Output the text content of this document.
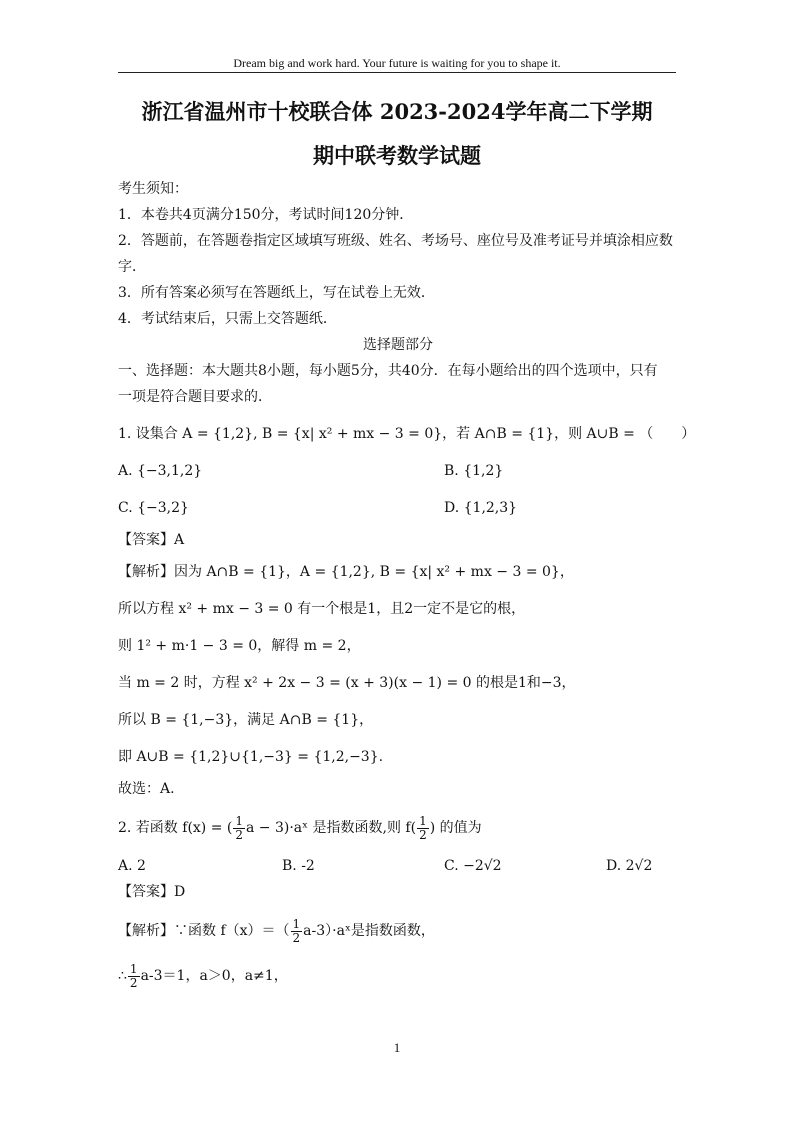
Dream big and work hard. Your future is waiting for you to shape it.
浙江省温州市十校联合体 2023-2024学年高二下学期
期中联考数学试题
考生须知：
1．本卷共4页满分150分，考试时间120分钟．
2．答题前，在答题卷指定区域填写班级、姓名、考场号、座位号及准考证号并填涂相应数
字．
3．所有答案必须写在答题纸上，写在试卷上无效．
4．考试结束后，只需上交答题纸．
选择题部分
一、选择题：本大题共8小题，每小题5分，共40分．在每小题给出的四个选项中，只有
一项是符合题目要求的．
1. 设集合 A = {1,2}, B = {x| x² + mx − 3 = 0}，若 A∩B = {1}，则 A∪B = （　　）
A. {−3,1,2}	B. {1,2}
C. {−3,2}	D. {1,2,3}
【答案】A
【解析】因为 A∩B = {1}，A = {1,2}, B = {x| x² + mx − 3 = 0}，
所以方程 x² + mx − 3 = 0 有一个根是1，且2一定不是它的根，
则 1² + m·1 − 3 = 0，解得 m = 2，
当 m = 2 时，方程 x² + 2x − 3 = (x + 3)(x − 1) = 0 的根是1和−3，
所以 B = {1,−3}，满足 A∩B = {1}，
即 A∪B = {1,2}∪{1,−3} = {1,2,−3}.
故选：A.
2. 若函数 f(x) = ( $\frac{1}{2}$ a − 3)·aˣ 是指数函数,则 $f( \frac{1}{2}$ ) 的值为
A. 2	B. -2	C. −2√2	D. 2√2
【答案】D
【解析】∵函数 $f(x)=( \frac{1}{2}$ a-3）·aˣ是指数函数，
∴ $\frac{1}{2} a-3=1$，a＞0，a≠1，
1
